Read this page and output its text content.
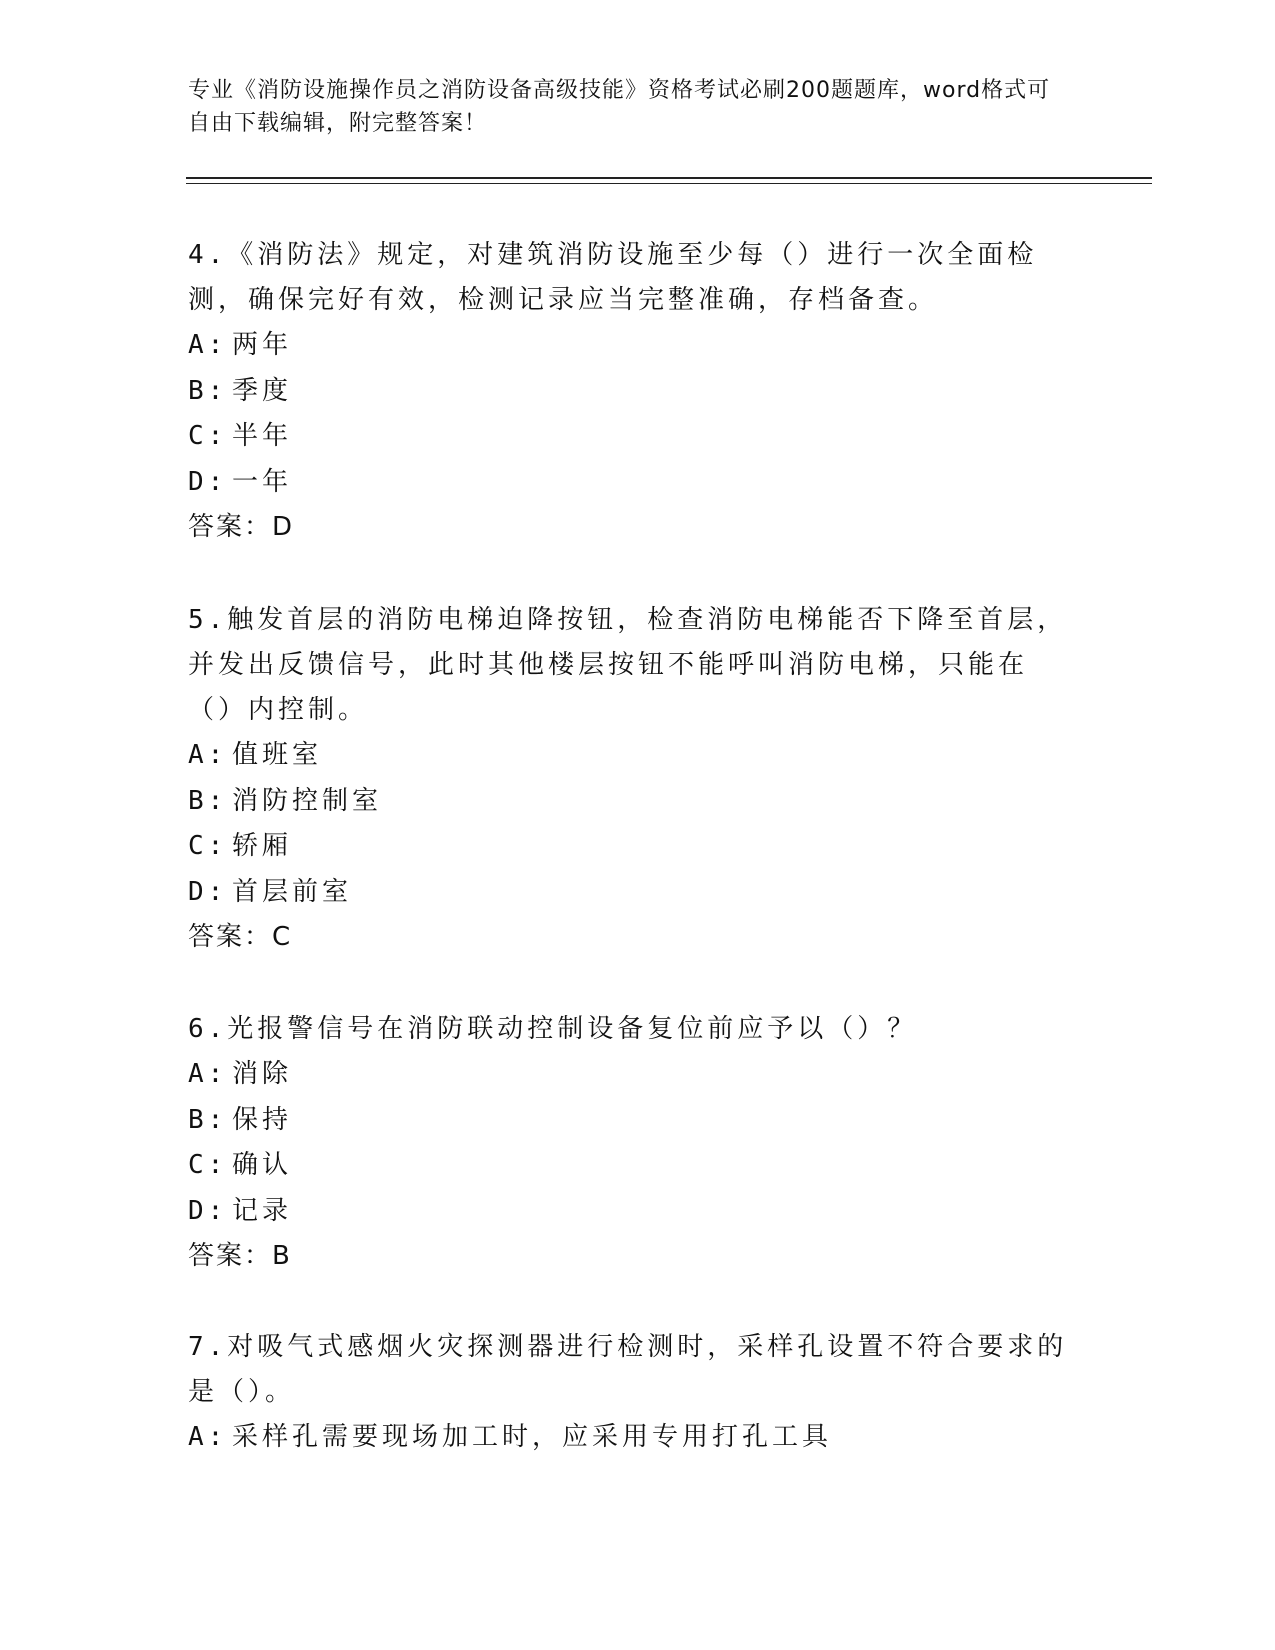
专业《消防设施操作员之消防设备高级技能》资格考试必刷200题题库，word格式可自由下载编辑，附完整答案！
4.《消防法》规定，对建筑消防设施至少每（）进行一次全面检测，确保完好有效，检测记录应当完整准确，存档备查。
A: 两年
B: 季度
C: 半年
D: 一年
答案：D
5.触发首层的消防电梯迫降按钮，检查消防电梯能否下降至首层，并发出反馈信号，此时其他楼层按钮不能呼叫消防电梯，只能在（）内控制。
A: 值班室
B: 消防控制室
C: 轿厢
D: 首层前室
答案：C
6.光报警信号在消防联动控制设备复位前应予以（）？
A: 消除
B: 保持
C: 确认
D: 记录
答案：B
7.对吸气式感烟火灾探测器进行检测时，采样孔设置不符合要求的是（）。
A: 采样孔需要现场加工时，应采用专用打孔工具
